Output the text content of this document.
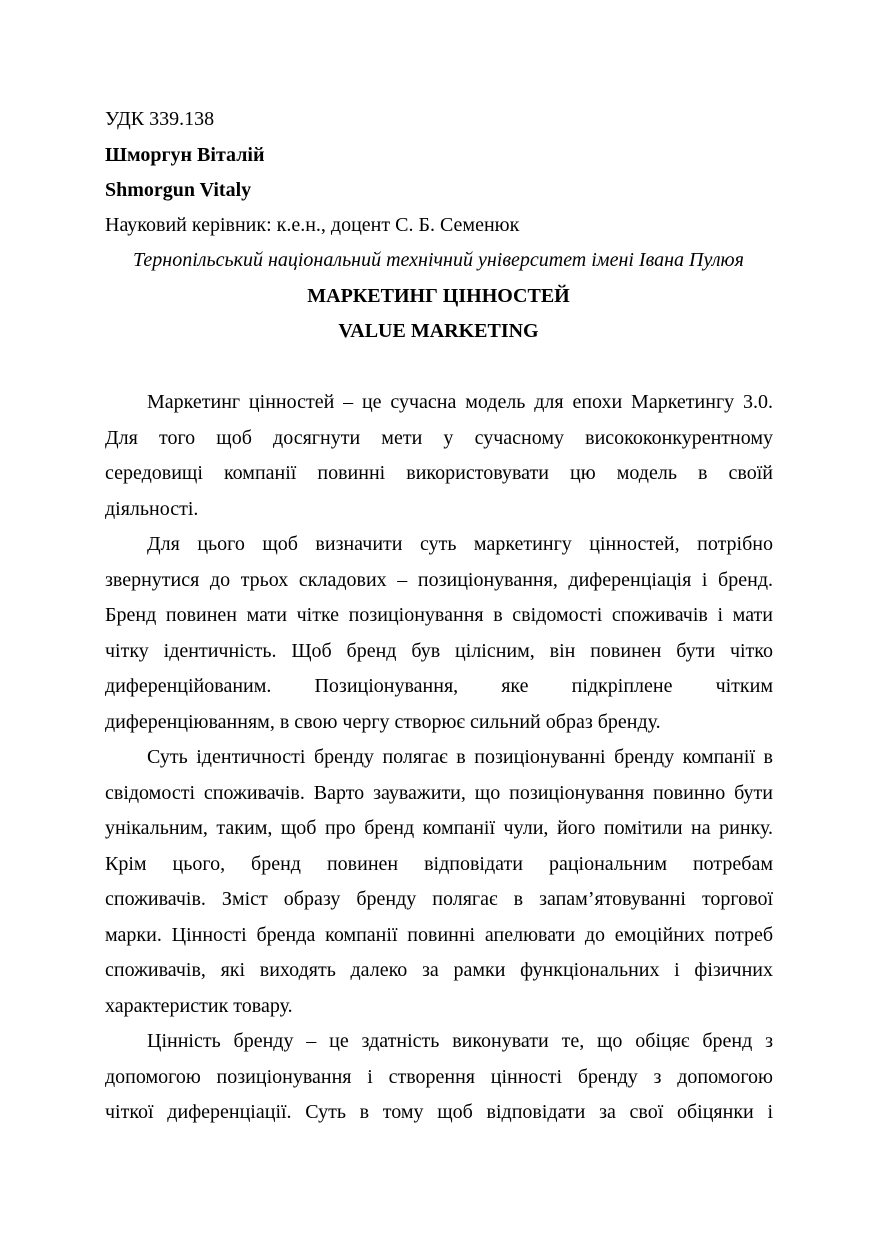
УДК 339.138
Шморгун Віталій
Shmorgun Vitaly
Науковий керівник: к.е.н., доцент С. Б. Семенюк
Тернопільський національний технічний університет імені Івана Пулюя
МАРКЕТИНГ ЦІННОСТЕЙ
VALUE MARKETING
Маркетинг цінностей – це сучасна модель для епохи Маркетингу 3.0.
Для того щоб досягнути мети у сучасному висококонкурентному
середовищі компанії повинні використовувати цю модель в своїй
діяльності.
Для цього щоб визначити суть маркетингу цінностей, потрібно
звернутися до трьох складових – позиціонування, диференціація і бренд.
Бренд повинен мати чітке позиціонування в свідомості споживачів і мати
чітку ідентичність. Щоб бренд був цілісним, він повинен бути чітко
диференційованим. Позиціонування, яке підкріплене чітким
диференціюванням, в свою чергу створює сильний образ бренду.
Суть ідентичності бренду полягає в позиціонуванні бренду компанії в
свідомості споживачів. Варто зауважити, що позиціонування повинно бути
унікальним, таким, щоб про бренд компанії чули, його помітили на ринку.
Крім цього, бренд повинен відповідати раціональним потребам
споживачів. Зміст образу бренду полягає в запам’ятовуванні торгової
марки. Цінності бренда компанії повинні апелювати до емоційних потреб
споживачів, які виходять далеко за рамки функціональних і фізичних
характеристик товару.
Цінність бренду – це здатність виконувати те, що обіцяє бренд з
допомогою позиціонування і створення цінності бренду з допомогою
чіткої диференціації. Суть в тому щоб відповідати за свої обіцянки і
